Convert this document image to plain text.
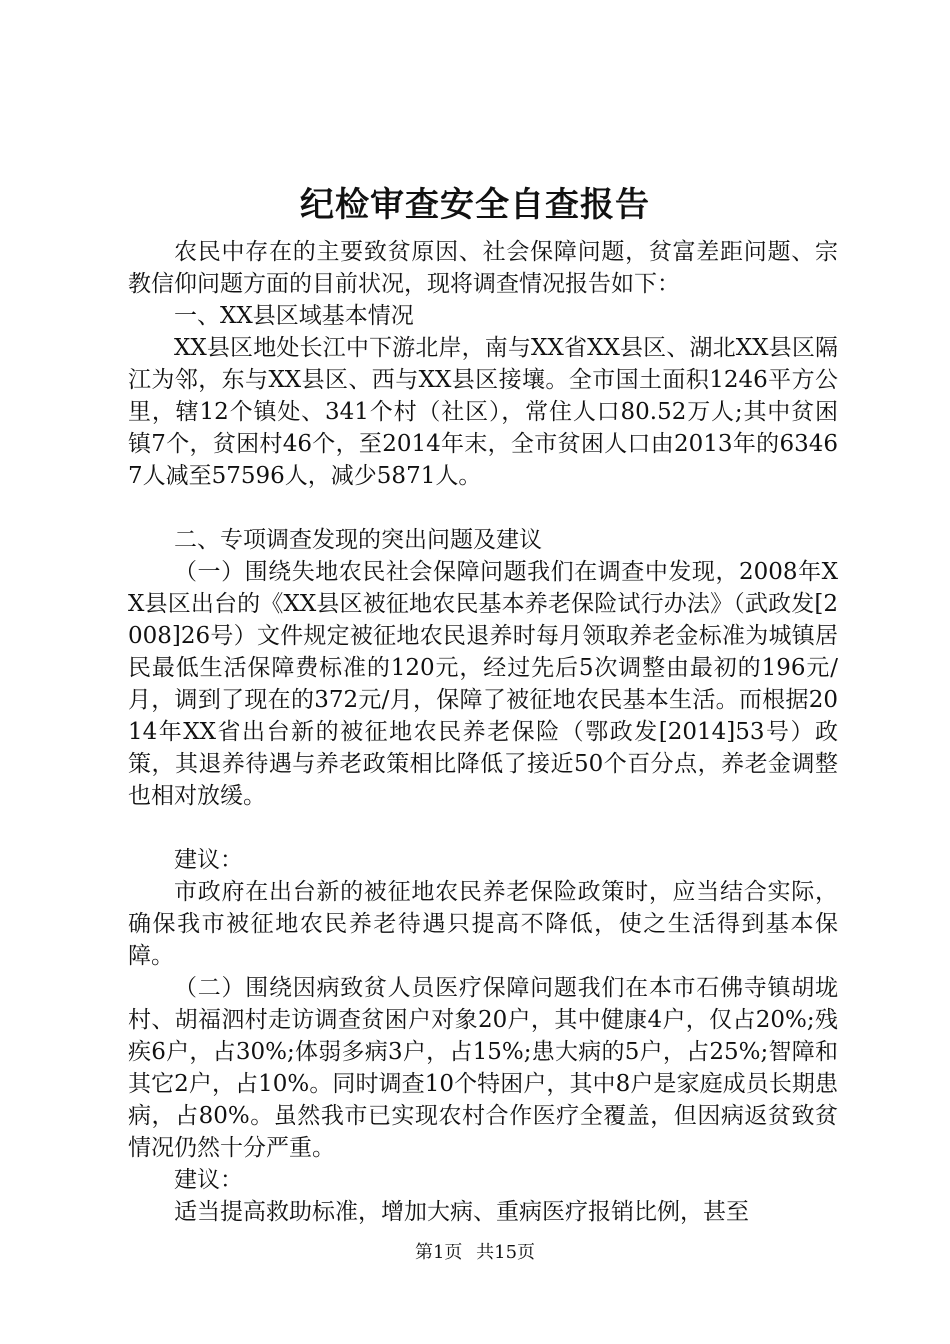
纪检审查安全自查报告

农民中存在的主要致贫原因、社会保障问题，贫富差距问题、宗教信仰问题方面的目前状况，现将调查情况报告如下：

一、XX县区域基本情况

XX县区地处长江中下游北岸，南与XX省XX县区、湖北XX县区隔江为邻，东与XX县区、西与XX县区接壤。全市国土面积1246平方公里，辖12个镇处、341个村（社区），常住人口80.52万人;其中贫困镇7个，贫困村46个，至2014年末，全市贫困人口由2013年的63467人减至57596人，减少5871人。

二、专项调查发现的突出问题及建议

（一）围绕失地农民社会保障问题我们在调查中发现，2008年XX县区出台的《XX县区被征地农民基本养老保险试行办法》（武政发[2008]26号）文件规定被征地农民退养时每月领取养老金标准为城镇居民最低生活保障费标准的120元，经过先后5次调整由最初的196元/月，调到了现在的372元/月，保障了被征地农民基本生活。而根据2014年XX省出台新的被征地农民养老保险（鄂政发[2014]53号）政策，其退养待遇与养老政策相比降低了接近50个百分点，养老金调整也相对放缓。

建议：

市政府在出台新的被征地农民养老保险政策时，应当结合实际，确保我市被征地农民养老待遇只提高不降低，使之生活得到基本保障。

（二）围绕因病致贫人员医疗保障问题我们在本市石佛寺镇胡垅村、胡福泗村走访调查贫困户对象20户，其中健康4户，仅占20%;残疾6户，占30%;体弱多病3户，占15%;患大病的5户，占25%;智障和其它2户，占10%。同时调查10个特困户，其中8户是家庭成员长期患病，占80%。虽然我市已实现农村合作医疗全覆盖，但因病返贫致贫情况仍然十分严重。

建议：

适当提高救助标准，增加大病、重病医疗报销比例，甚至

第1页 共15页
